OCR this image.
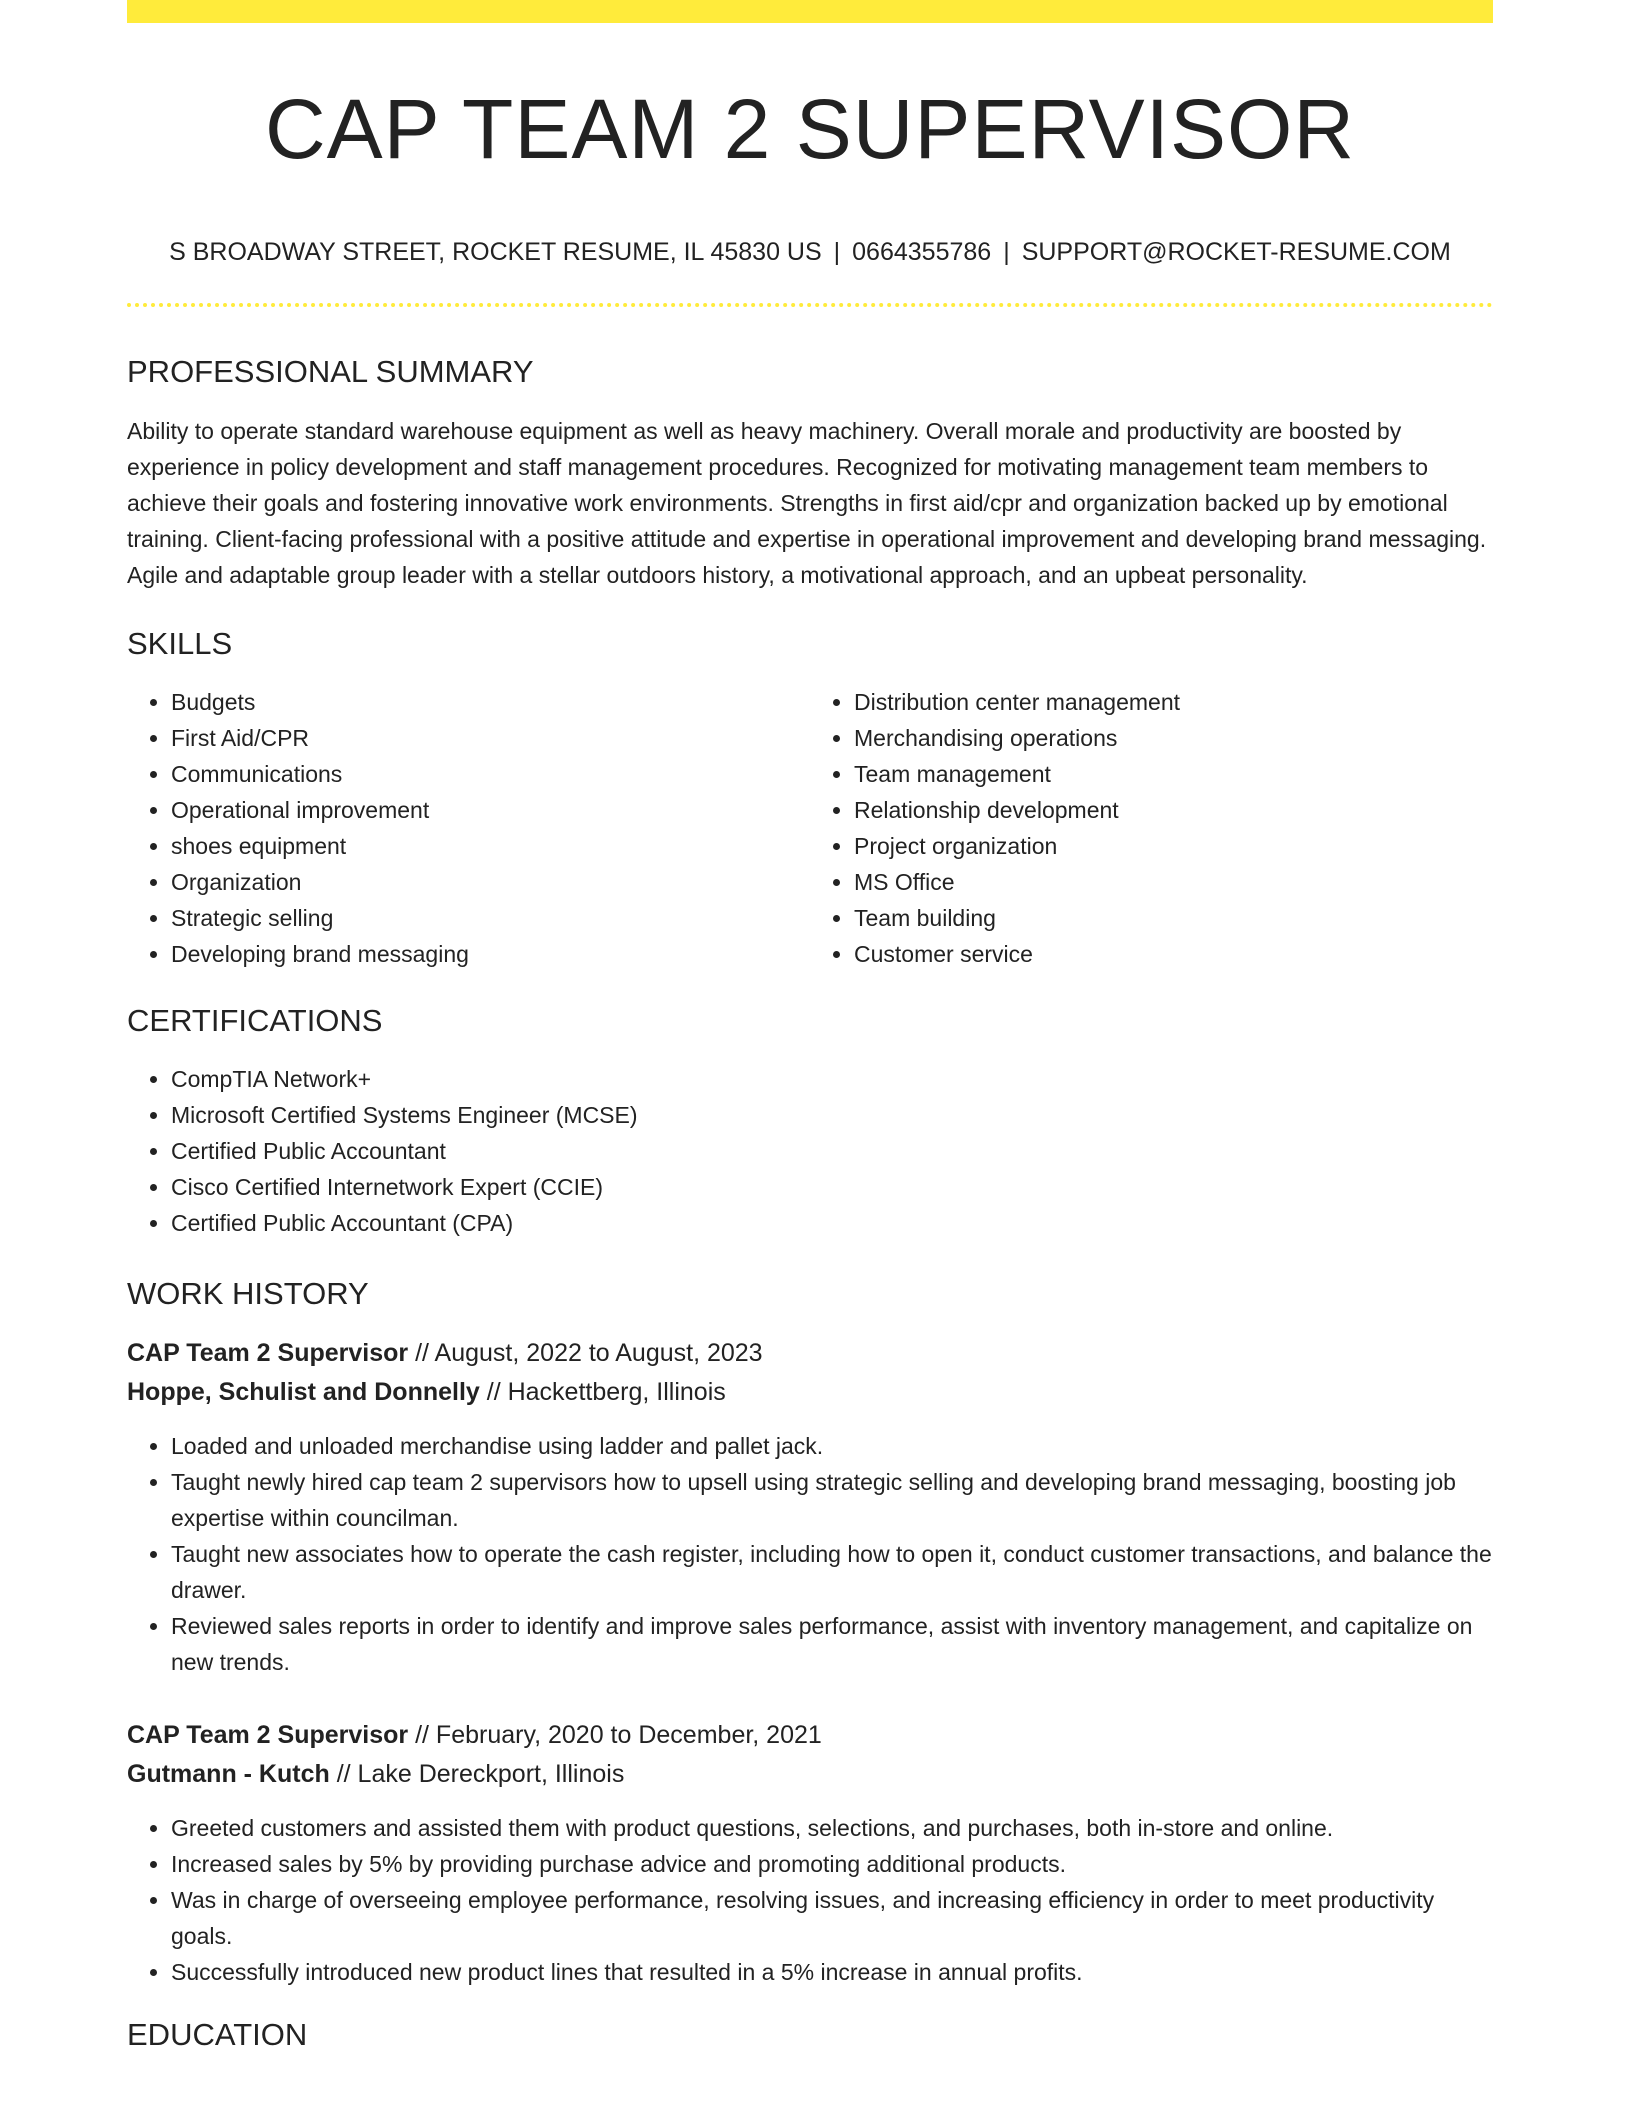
CAP TEAM 2 SUPERVISOR
S BROADWAY STREET, ROCKET RESUME, IL 45830 US | 0664355786 | SUPPORT@ROCKET-RESUME.COM
PROFESSIONAL SUMMARY

Ability to operate standard warehouse equipment as well as heavy machinery. Overall morale and productivity are boosted by experience in policy development and staff management procedures. Recognized for motivating management team members to achieve their goals and fostering innovative work environments. Strengths in first aid/cpr and organization backed up by emotional training. Client-facing professional with a positive attitude and expertise in operational improvement and developing brand messaging. Agile and adaptable group leader with a stellar outdoors history, a motivational approach, and an upbeat personality.

SKILLS
• Budgets
• First Aid/CPR
• Communications
• Operational improvement
• shoes equipment
• Organization
• Strategic selling
• Developing brand messaging
• Distribution center management
• Merchandising operations
• Team management
• Relationship development
• Project organization
• MS Office
• Team building
• Customer service
CERTIFICATIONS
• CompTIA Network+
• Microsoft Certified Systems Engineer (MCSE)
• Certified Public Accountant
• Cisco Certified Internetwork Expert (CCIE)
• Certified Public Accountant (CPA)
WORK HISTORY

CAP Team 2 Supervisor // August, 2022 to August, 2023

Hoppe, Schulist and Donnelly // Hackettberg, Illinois

• Loaded and unloaded merchandise using ladder and pallet jack.
• Taught newly hired cap team 2 supervisors how to upsell using strategic selling and developing brand messaging, boosting job expertise within councilman.
• Taught new associates how to operate the cash register, including how to open it, conduct customer transactions, and balance the drawer.
• Reviewed sales reports in order to identify and improve sales performance, assist with inventory management, and capitalize on new trends.

CAP Team 2 Supervisor // February, 2020 to December, 2021

Gutmann - Kutch // Lake Dereckport, Illinois

• Greeted customers and assisted them with product questions, selections, and purchases, both in-store and online.
• Increased sales by 5% by providing purchase advice and promoting additional products.
• Was in charge of overseeing employee performance, resolving issues, and increasing efficiency in order to meet productivity goals.
• Successfully introduced new product lines that resulted in a 5% increase in annual profits.
EDUCATION
